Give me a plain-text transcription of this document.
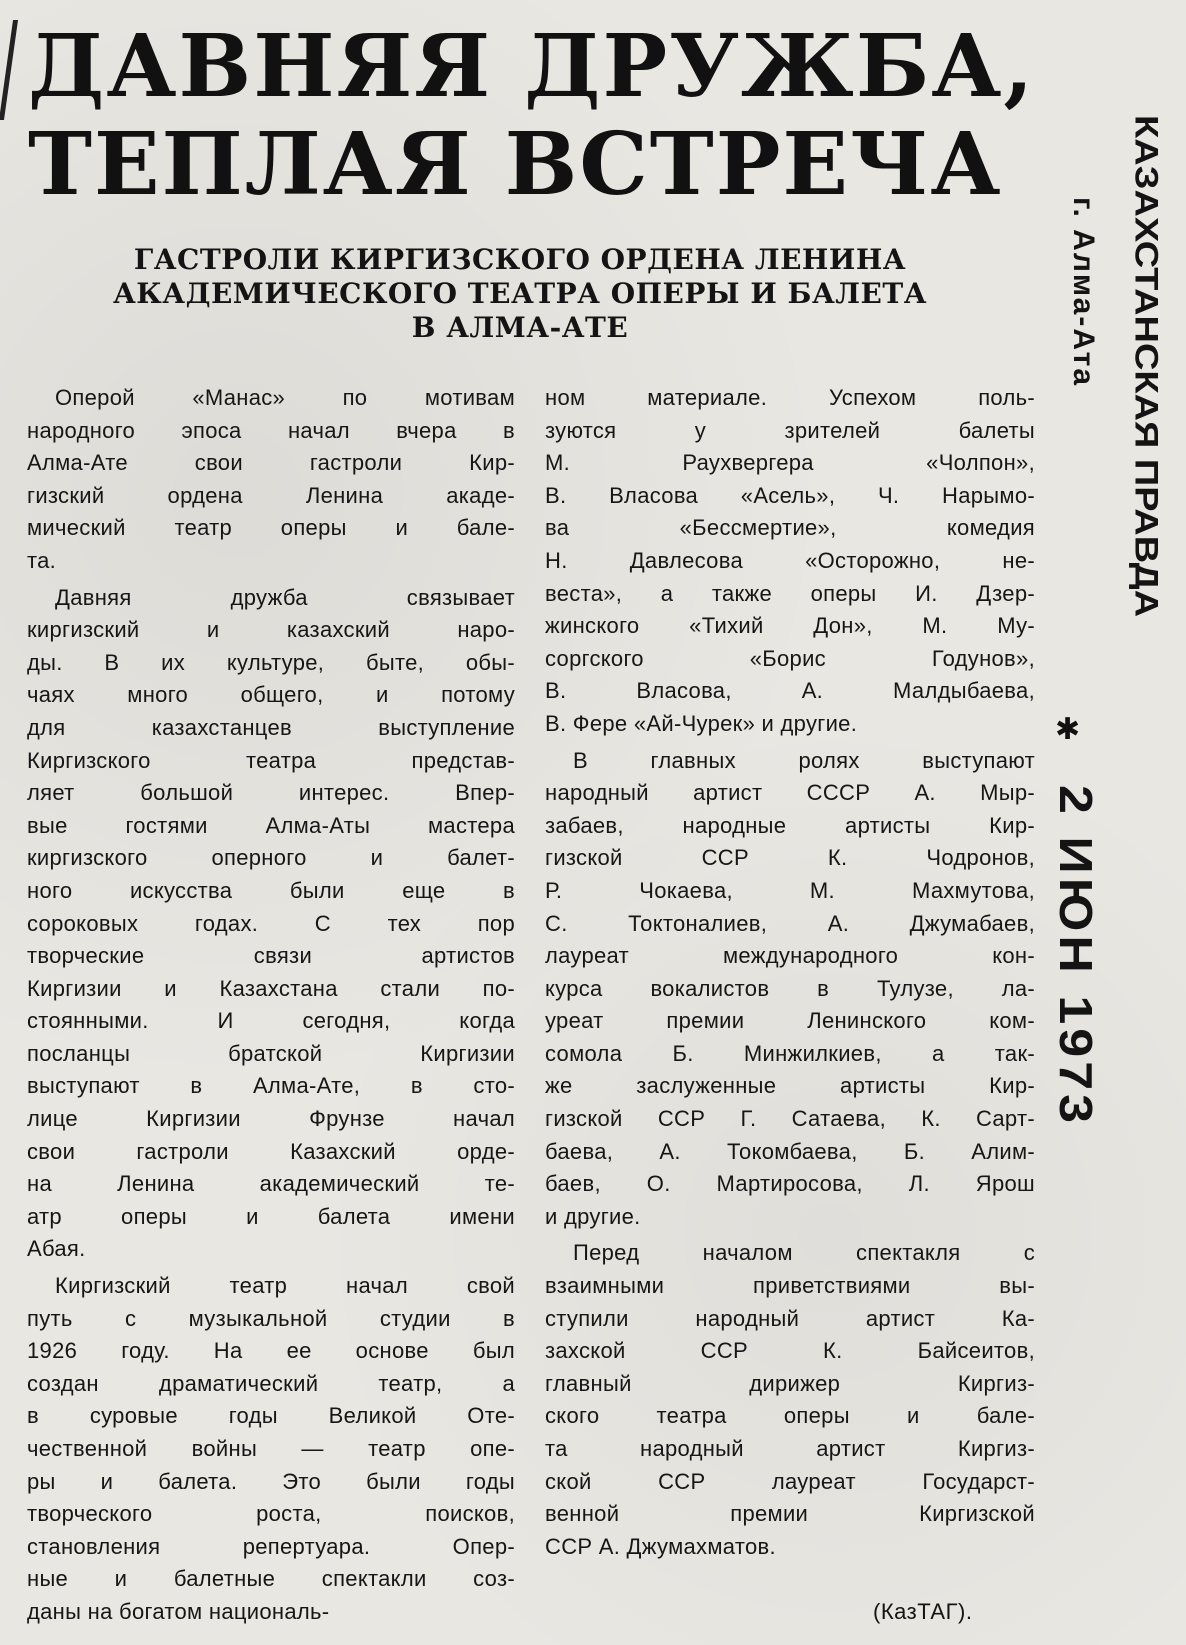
ДАВНЯЯ ДРУЖБА,
ТЕПЛАЯ ВСТРЕЧА
ГАСТРОЛИ КИРГИЗСКОГО ОРДЕНА ЛЕНИНА
АКАДЕМИЧЕСКОГО ТЕАТРА ОПЕРЫ И БАЛЕТА
В АЛМА-АТЕ
Оперой «Манас» по мотивам
народного эпоса начал вчера в
Алма-Ате свои гастроли Кир-
гизский ордена Ленина акаде-
мический театр оперы и бале-
та.
Давняя дружба связывает
киргизский и казахский наро-
ды. В их культуре, быте, обы-
чаях много общего, и потому
для казахстанцев выступление
Киргизского театра представ-
ляет большой интерес. Впер-
вые гостями Алма-Аты мастера
киргизского оперного и балет-
ного искусства были еще в
сороковых годах. С тех пор
творческие связи артистов
Киргизии и Казахстана стали по-
стоянными. И сегодня, когда
посланцы братской Киргизии
выступают в Алма-Ате, в сто-
лице Киргизии Фрунзе начал
свои гастроли Казахский орде-
на Ленина академический те-
атр оперы и балета имени
Абая.
Киргизский театр начал свой
путь с музыкальной студии в
1926 году. На ее основе был
создан драматический театр, а
в суровые годы Великой Оте-
чественной войны — театр опе-
ры и балета. Это были годы
творческого роста, поисков,
становления репертуара. Опер-
ные и балетные спектакли соз-
даны на богатом националь-
ном материале. Успехом поль-
зуются у зрителей балеты
М. Раухвергера «Чолпон»,
В. Власова «Асель», Ч. Нарымо-
ва «Бессмертие», комедия
Н. Давлесова «Осторожно, не-
веста», а также оперы И. Дзер-
жинского «Тихий Дон», М. Му-
соргского «Борис Годунов»,
В. Власова, А. Малдыбаева,
В. Фере «Ай-Чурек» и другие.
В главных ролях выступают
народный артист СССР А. Мыр-
забаев, народные артисты Кир-
гизской ССР К. Чодронов,
Р. Чокаева, М. Махмутова,
С. Токтоналиев, А. Джумабаев,
лауреат международного кон-
курса вокалистов в Тулузе, ла-
уреат премии Ленинского ком-
сомола Б. Минжилкиев, а так-
же заслуженные артисты Кир-
гизской ССР Г. Сатаева, К. Сарт-
баева, А. Токомбаева, Б. Алим-
баев, О. Мартиросова, Л. Ярош
и другие.
Перед началом спектакля с
взаимными приветствиями вы-
ступили народный артист Ка-
захской ССР К. Байсеитов,
главный дирижер Киргиз-
ского театра оперы и бале-
та народный артист Киргиз-
ской ССР лауреат Государст-
венной премии Киргизской
ССР А. Джумахматов.
(КазТАГ).
КАЗАХСТАНСКАЯ ПРАВДА
г. Алма-Ата
✱
2 ИЮН 1973
